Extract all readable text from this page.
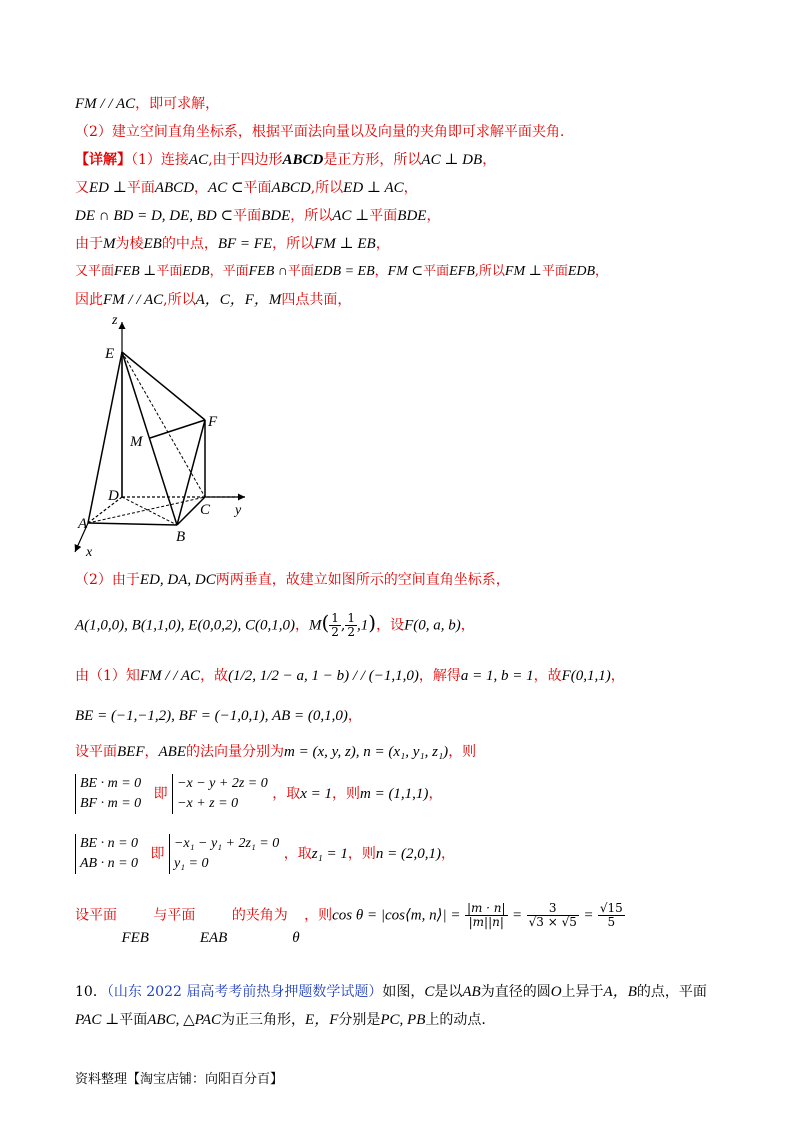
FM / / AC，即可求解，
（2）建立空间直角坐标系，根据平面法向量以及向量的夹角即可求解平面夹角.
【详解】（1）连接AC,由于四边形ABCD是正方形，所以AC ⊥ DB，
又ED ⊥平面ABCD，AC ⊂平面ABCD,所以ED ⊥ AC，
DE ∩ BD = D, DE, BD ⊂平面BDE，所以AC ⊥平面BDE，
由于M为棱EB的中点，BF = FE，所以FM ⊥ EB，
又平面FEB ⊥平面EDB，平面FEB ∩平面EDB = EB，FM ⊂平面EFB,所以FM ⊥平面EDB，
因此FM / / AC,所以A，C，F，M四点共面，
z
E
F
M
D
C y
A
B
x
（2）由于ED, DA, DC两两垂直，故建立如图所示的空间直角坐标系，
A(1,0,0), B(1,1,0), E(0,0,2), C(0,1,0)，$M( \frac{1}{2}$ , $\frac{1}{2} ,1$)，设F(0, a, b)，
由（1）知FM / / AC，故(1/2, 1/2 − a, 1 − b) / / (−1,1,0)，解得a = 1, b = 1，故F(0,1,1)，
BE = (−1,−1,2), BF = (−1,0,1), AB = (0,1,0)，
设平面BEF，ABE的法向量分别为m = (x, y, z), n = (x₁, y₁, z₁)，则
BE · m = 0
BF · m = 0
即
−x − y + 2z = 0
−x + z = 0
，取x = 1，则m = (1,1,1)，
BE · n = 0
AB · n = 0
即
−x₁ − y₁ + 2z₁ = 0
y₁ = 0
，取z₁ = 1，则n = (2,0,1)，
设平面 FEB 与平面 EAB 的夹角为 θ ，则cos θ = |cos⟨m, n⟩| = $\frac{|m \cdot n|}{|m||n|} = \frac{3}{√3 \times √5} = \frac{√15}{5}$
10．（山东 2022 届高考考前热身押题数学试题）如图，C是以AB为直径的圆O上异于A，B的点，平面
PAC ⊥平面ABC, △PAC为正三角形，E，F分别是PC, PB上的动点.
资料整理【淘宝店铺：向阳百分百】
